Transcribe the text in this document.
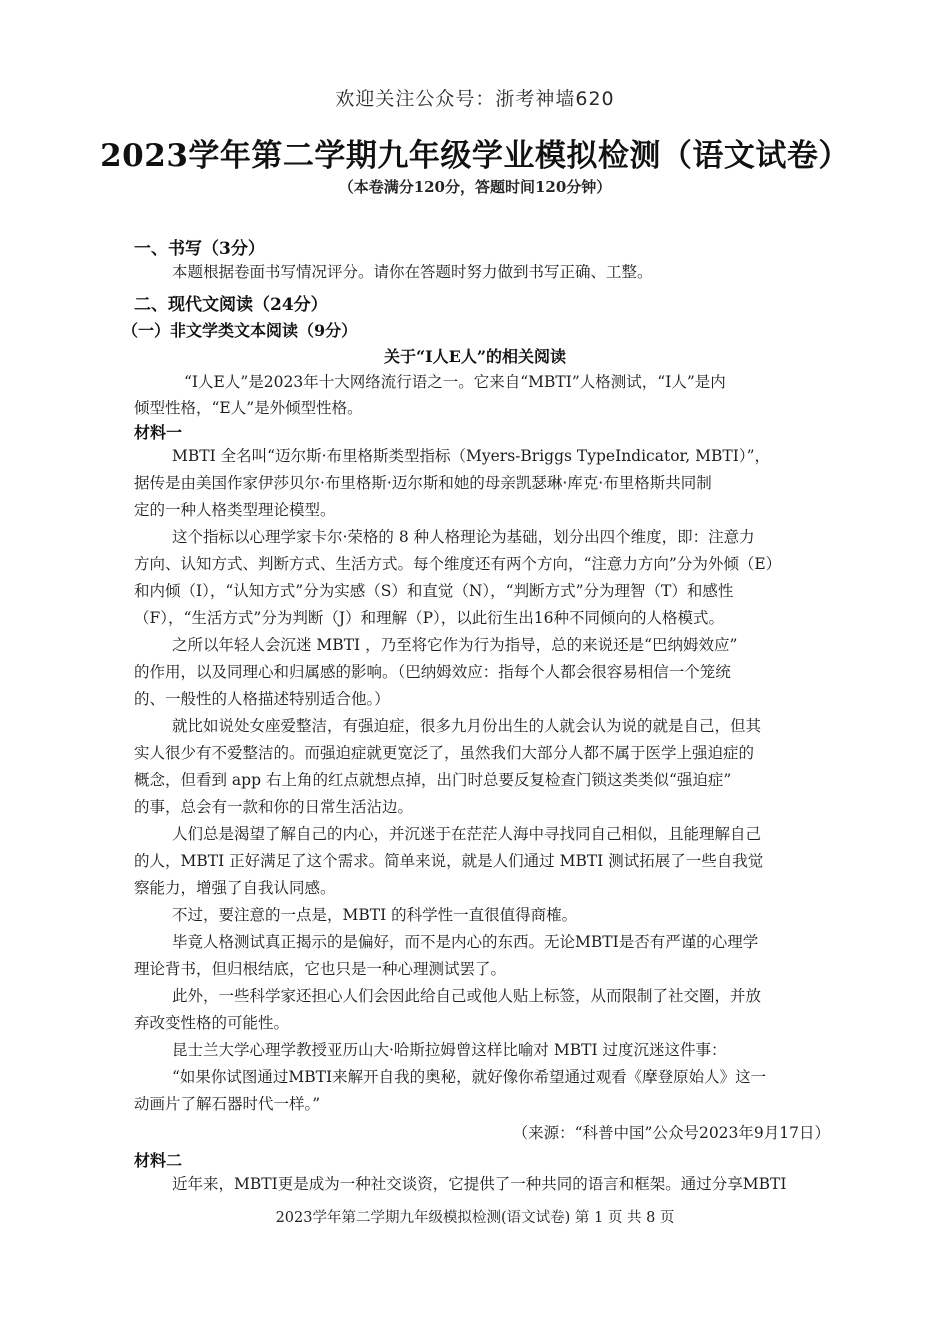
欢迎关注公众号：浙考神墙620
2023学年第二学期九年级学业模拟检测（语文试卷）
（本卷满分120分，答题时间120分钟）
一、书写（3分）
本题根据卷面书写情况评分。请你在答题时努力做到书写正确、工整。
二、现代文阅读（24分）
（一）非文学类文本阅读（9分）
关于“I人E人”的相关阅读
“I人E人”是2023年十大网络流行语之一。它来自“MBTI”人格测试，“I人”是内
倾型性格，“E人”是外倾型性格。
材料一
MBTI 全名叫“迈尔斯·布里格斯类型指标（Myers-Briggs TypeIndicator, MBTI）”，
据传是由美国作家伊莎贝尔·布里格斯·迈尔斯和她的母亲凯瑟琳·库克·布里格斯共同制
定的一种人格类型理论模型。
这个指标以心理学家卡尔·荣格的 8 种人格理论为基础，划分出四个维度，即：注意力
方向、认知方式、判断方式、生活方式。每个维度还有两个方向，“注意力方向”分为外倾（E）
和内倾（I），“认知方式”分为实感（S）和直觉（N），“判断方式”分为理智（T）和感性
（F），“生活方式”分为判断（J）和理解（P），以此衍生出16种不同倾向的人格模式。
之所以年轻人会沉迷 MBTI ，乃至将它作为行为指导，总的来说还是“巴纳姆效应”
的作用，以及同理心和归属感的影响。（巴纳姆效应：指每个人都会很容易相信一个笼统
的、一般性的人格描述特别适合他。）
就比如说处女座爱整洁，有强迫症，很多九月份出生的人就会认为说的就是自己，但其
实人很少有不爱整洁的。而强迫症就更宽泛了，虽然我们大部分人都不属于医学上强迫症的
概念，但看到 app 右上角的红点就想点掉，出门时总要反复检查门锁这类类似“强迫症”
的事，总会有一款和你的日常生活沾边。
人们总是渴望了解自己的内心，并沉迷于在茫茫人海中寻找同自己相似，且能理解自己
的人，MBTI 正好满足了这个需求。简单来说，就是人们通过 MBTI 测试拓展了一些自我觉
察能力，增强了自我认同感。
不过，要注意的一点是，MBTI 的科学性一直很值得商榷。
毕竟人格测试真正揭示的是偏好，而不是内心的东西。无论MBTI是否有严谨的心理学
理论背书，但归根结底，它也只是一种心理测试罢了。
此外，一些科学家还担心人们会因此给自己或他人贴上标签，从而限制了社交圈，并放
弃改变性格的可能性。
昆士兰大学心理学教授亚历山大·哈斯拉姆曾这样比喻对 MBTI 过度沉迷这件事：
“如果你试图通过MBTI来解开自我的奥秘，就好像你希望通过观看《摩登原始人》这一
动画片了解石器时代一样。”
（来源：“科普中国”公众号2023年9月17日）
材料二
近年来，MBTI更是成为一种社交谈资，它提供了一种共同的语言和框架。通过分享MBTI
2023学年第二学期九年级模拟检测(语文试卷) 第 1 页 共 8 页
